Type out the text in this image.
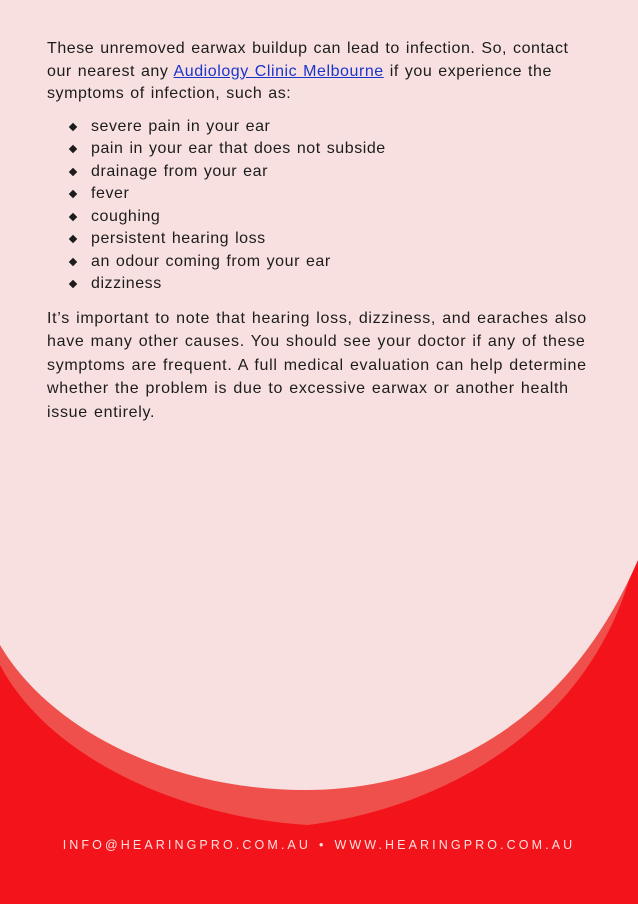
These unremoved earwax buildup can lead to infection. So, contact our nearest any Audiology Clinic Melbourne if you experience the symptoms of infection, such as:

severe pain in your ear
pain in your ear that does not subside
drainage from your ear
fever
coughing
persistent hearing loss
an odour coming from your ear
dizziness

It’s important to note that hearing loss, dizziness, and earaches also have many other causes. You should see your doctor if any of these symptoms are frequent. A full medical evaluation can help determine whether the problem is due to excessive earwax or another health issue entirely.

INFO@HEARINGPRO.COM.AU • WWW.HEARINGPRO.COM.AU
